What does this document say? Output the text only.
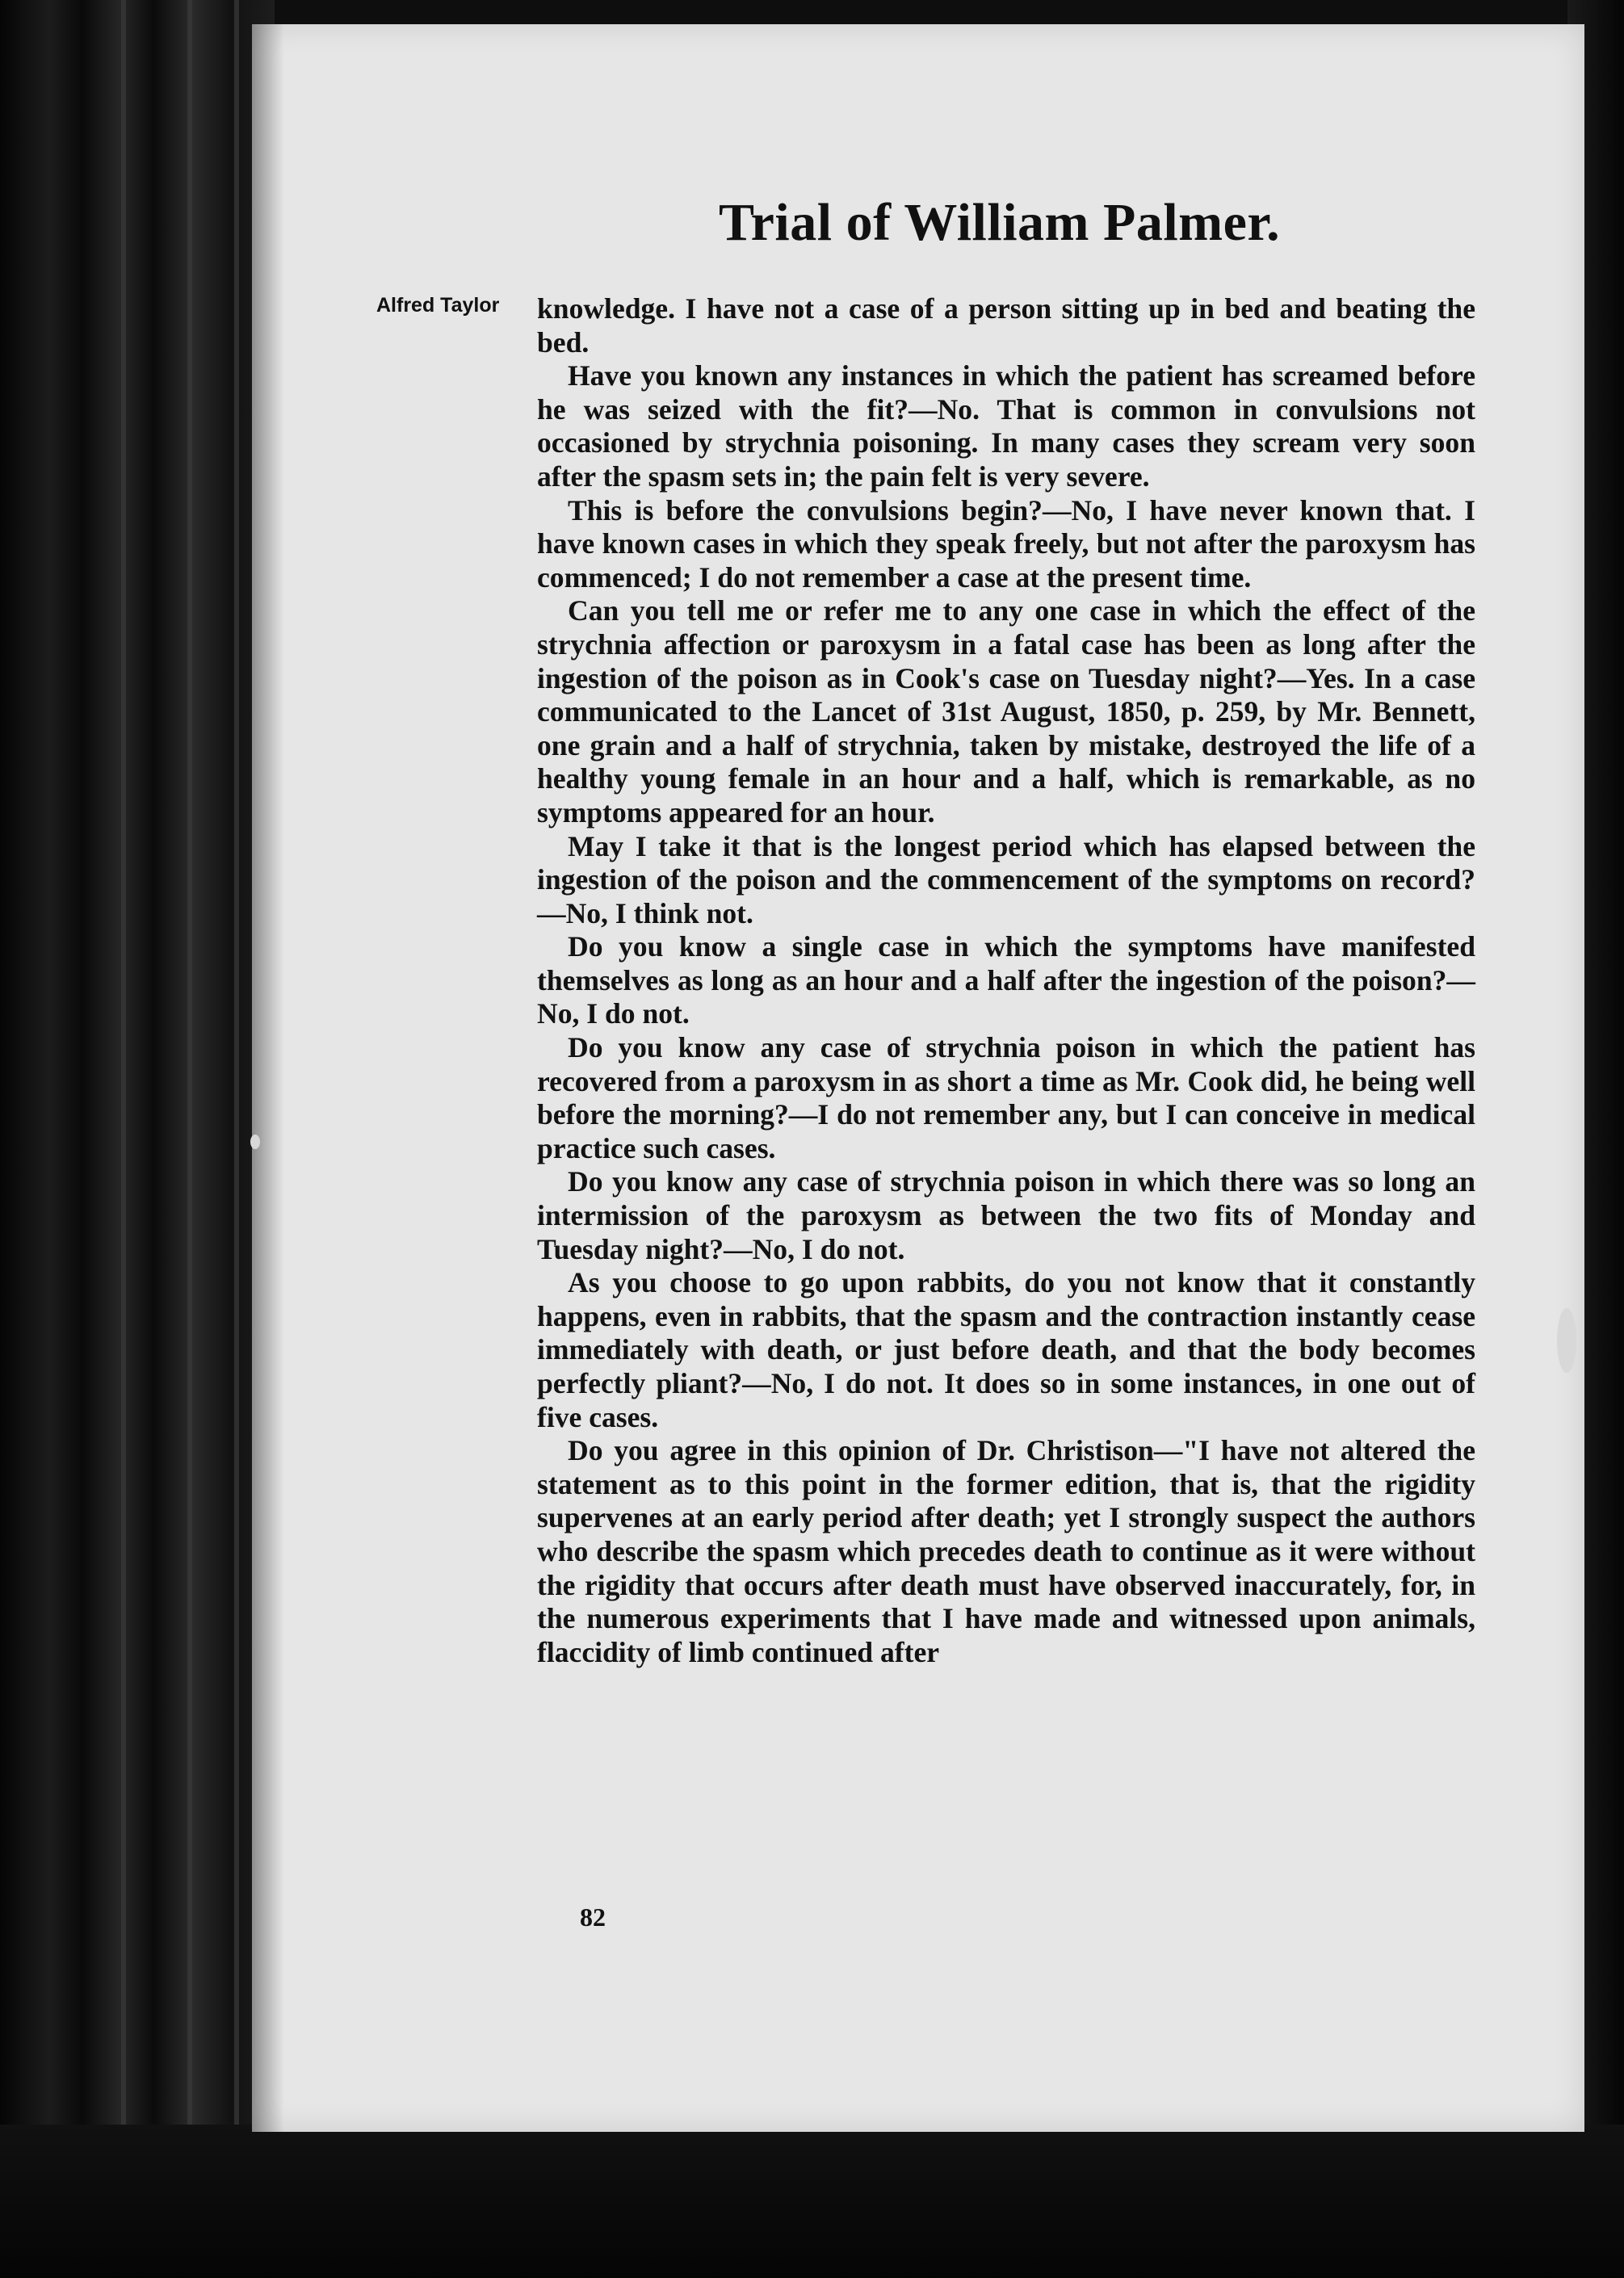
Trial of William Palmer.
Alfred Taylor knowledge. I have not a case of a person sitting up in bed and beating the bed.

Have you known any instances in which the patient has screamed before he was seized with the fit?—No. That is common in convulsions not occasioned by strychnia poisoning. In many cases they scream very soon after the spasm sets in; the pain felt is very severe.

This is before the convulsions begin?—No, I have never known that. I have known cases in which they speak freely, but not after the paroxysm has commenced; I do not remember a case at the present time.

Can you tell me or refer me to any one case in which the effect of the strychnia affection or paroxysm in a fatal case has been as long after the ingestion of the poison as in Cook's case on Tuesday night?—Yes. In a case communicated to the Lancet of 31st August, 1850, p. 259, by Mr. Bennett, one grain and a half of strychnia, taken by mistake, destroyed the life of a healthy young female in an hour and a half, which is remarkable, as no symptoms appeared for an hour.

May I take it that is the longest period which has elapsed between the ingestion of the poison and the commencement of the symptoms on record?—No, I think not.

Do you know a single case in which the symptoms have manifested themselves as long as an hour and a half after the ingestion of the poison?—No, I do not.

Do you know any case of strychnia poison in which the patient has recovered from a paroxysm in as short a time as Mr. Cook did, he being well before the morning?—I do not remember any, but I can conceive in medical practice such cases.

Do you know any case of strychnia poison in which there was so long an intermission of the paroxysm as between the two fits of Monday and Tuesday night?—No, I do not.

As you choose to go upon rabbits, do you not know that it constantly happens, even in rabbits, that the spasm and the contraction instantly cease immediately with death, or just before death, and that the body becomes perfectly pliant?—No, I do not. It does so in some instances, in one out of five cases.

Do you agree in this opinion of Dr. Christison—"I have not altered the statement as to this point in the former edition, that is, that the rigidity supervenes at an early period after death; yet I strongly suspect the authors who describe the spasm which precedes death to continue as it were without the rigidity that occurs after death must have observed inaccurately, for, in the numerous experiments that I have made and witnessed upon animals, flaccidity of limb continued after

82
